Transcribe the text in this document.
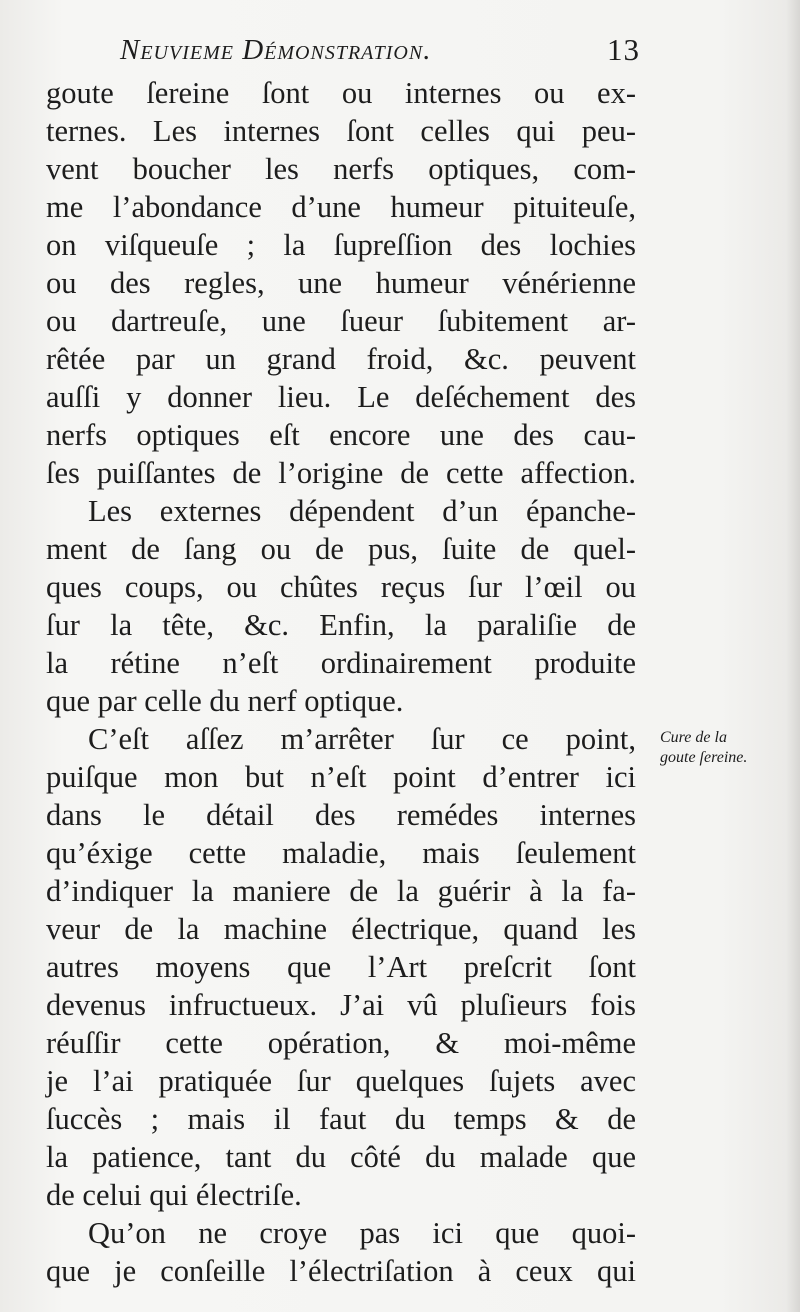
Neuvieme Démonstration.	13
goute ſereine ſont ou internes ou ex-
ternes. Les internes ſont celles qui peu-
vent boucher les nerfs optiques, com-
me l’abondance d’une humeur pituiteuſe,
on viſqueuſe ; la ſupreſſion des lochies
ou des regles, une humeur vénérienne
ou dartreuſe, une ſueur ſubitement ar-
rêtée par un grand froid, &c. peuvent
auſſi y donner lieu. Le deſéchement des
nerfs optiques eſt encore une des cau-
ſes puiſſantes de l’origine de cette affection.
Les externes dépendent d’un épanche-
ment de ſang ou de pus, ſuite de quel-
ques coups, ou chûtes reçus ſur l’œil ou
ſur la tête, &c. Enfin, la paraliſie de
la rétine n’eſt ordinairement produite
que par celle du nerf optique.
C’eſt aſſez m’arrêter ſur ce point,
puiſque mon but n’eſt point d’entrer ici
dans le détail des remédes internes
qu’éxige cette maladie, mais ſeulement
d’indiquer la maniere de la guérir à la fa-
veur de la machine électrique, quand les
autres moyens que l’Art preſcrit ſont
devenus infructueux. J’ai vû pluſieurs fois
réuſſir cette opération, & moi-même
je l’ai pratiquée ſur quelques ſujets avec
ſuccès ; mais il faut du temps & de
la patience, tant du côté du malade que
de celui qui électriſe.
Qu’on ne croye pas ici que quoi-
que je conſeille l’électriſation à ceux qui
Cure de la
goute ſereine.
